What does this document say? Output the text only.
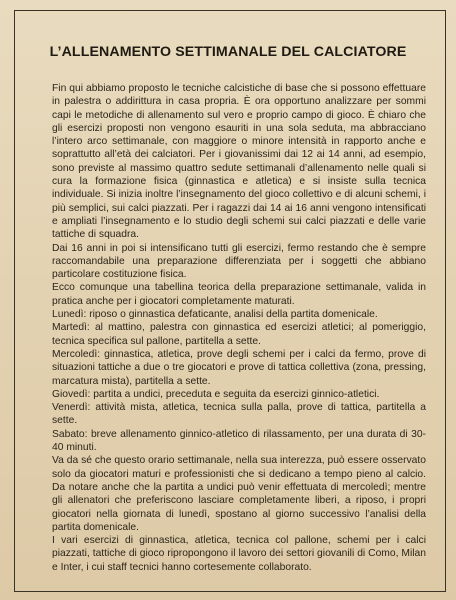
L’ALLENAMENTO SETTIMANALE DEL CALCIATORE

Fin qui abbiamo proposto le tecniche calcistiche di base che si possono effettuare in palestra o addirittura in casa propria. È ora opportuno analizzare per sommi capi le metodiche di allenamento sul vero e proprio campo di gioco. È chiaro che gli esercizi proposti non vengono esauriti in una sola seduta, ma abbracciano l’intero arco settimanale, con maggiore o minore intensità in rapporto anche e soprattutto all’età dei calciatori. Per i giovanissimi dai 12 ai 14 anni, ad esempio, sono previste al massimo quattro sedute settimanali d’allenamento nelle quali si cura la formazione fisica (ginnastica e atletica) e si insiste sulla tecnica individuale. Si inizia inoltre l’insegnamento del gioco collettivo e di alcuni schemi, i più semplici, sui calci piazzati. Per i ragazzi dai 14 ai 16 anni vengono intensificati e ampliati l’insegnamento e lo studio degli schemi sui calci piazzati e delle varie tattiche di squadra.

Dai 16 anni in poi si intensificano tutti gli esercizi, fermo restando che è sempre raccomandabile una preparazione differenziata per i soggetti che abbiano particolare costituzione fisica.

Ecco comunque una tabellina teorica della preparazione settimanale, valida in pratica anche per i giocatori completamente maturati.

Lunedì: riposo o ginnastica defaticante, analisi della partita domenicale.

Martedì: al mattino, palestra con ginnastica ed esercizi atletici; al pomeriggio, tecnica specifica sul pallone, partitella a sette.

Mercoledì: ginnastica, atletica, prove degli schemi per i calci da fermo, prove di situazioni tattiche a due o tre giocatori e prove di tattica collettiva (zona, pressing, marcatura mista), partitella a sette.

Giovedì: partita a undici, preceduta e seguita da esercizi ginnico-atletici.

Venerdì: attività mista, atletica, tecnica sulla palla, prove di tattica, partitella a sette.

Sabato: breve allenamento ginnico-atletico di rilassamento, per una durata di 30-40 minuti.

Va da sé che questo orario settimanale, nella sua interezza, può essere osservato solo da giocatori maturi e professionisti che si dedicano a tempo pieno al calcio. Da notare anche che la partita a undici può venir effettuata di mercoledì; mentre gli allenatori che preferiscono lasciare completamente liberi, a riposo, i propri giocatori nella giornata di lunedì, spostano al giorno successivo l’analisi della partita domenicale.

I vari esercizi di ginnastica, atletica, tecnica col pallone, schemi per i calci piazzati, tattiche di gioco ripropongono il lavoro dei settori giovanili di Como, Milan e Inter, i cui staff tecnici hanno cortesemente collaborato.
